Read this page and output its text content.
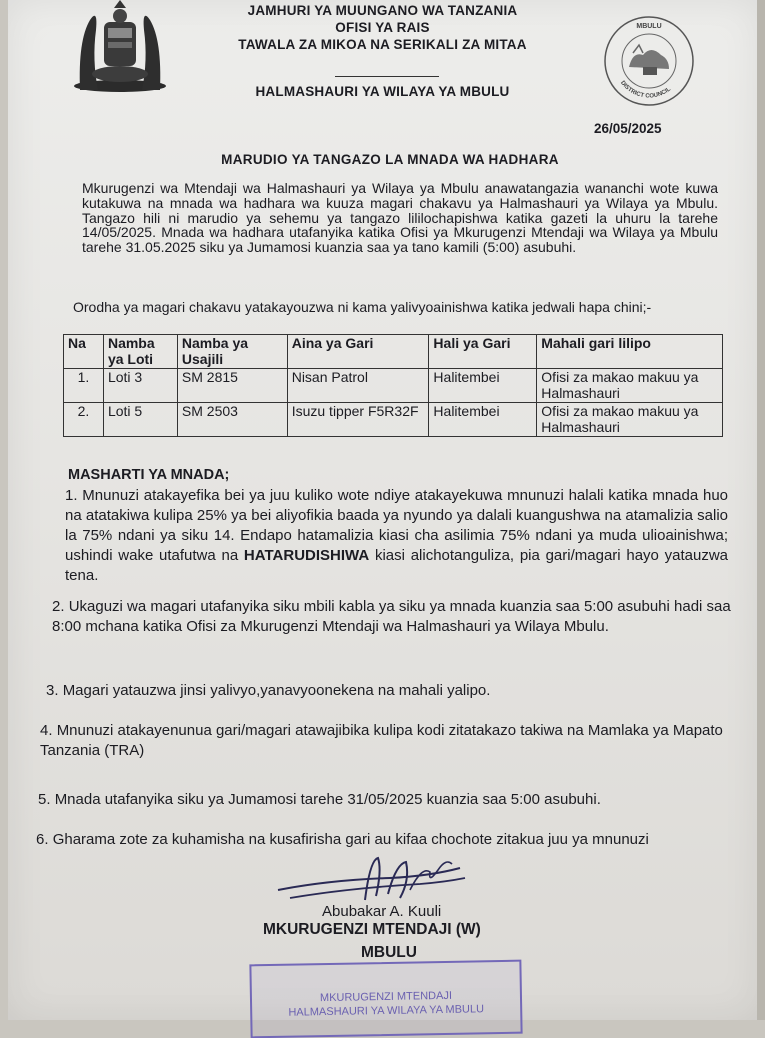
MBULU
DISTRICT COUNCIL
JAMHURI YA MUUNGANO WA TANZANIA
OFISI YA RAIS
TAWALA ZA MIKOA NA SERIKALI ZA MITAA
HALMASHAURI YA WILAYA YA MBULU
26/05/2025
MARUDIO YA TANGAZO LA MNADA WA HADHARA

Mkurugenzi wa Mtendaji wa Halmashauri ya Wilaya ya Mbulu anawatangazia wananchi wote kuwa kutakuwa na mnada wa hadhara wa kuuza magari chakavu ya Halmashauri ya Wilaya ya Mbulu. Tangazo hili ni marudio ya sehemu ya tangazo lililochapishwa katika gazeti la uhuru la tarehe 14/05/2025. Mnada wa hadhara utafanyika katika Ofisi ya Mkurugenzi Mtendaji wa Wilaya ya Mbulu tarehe 31.05.2025 siku ya Jumamosi kuanzia saa ya tano kamili (5:00) asubuhi.

Orodha ya magari chakavu yatakayouzwa ni kama yalivyoainishwa katika jedwali hapa chini;-
Na	Namba ya Loti	Namba ya Usajili	Aina ya Gari	Hali ya Gari	Mahali gari lilipo
1.	Loti 3	SM 2815	Nisan Patrol	Halitembei	Ofisi za makao makuu ya Halmashauri
2.	Loti 5	SM 2503	Isuzu tipper F5R32F	Halitembei	Ofisi za makao makuu ya Halmashauri
MASHARTI YA MNADA;
1. Mnunuzi atakayefika bei ya juu kuliko wote ndiye atakayekuwa mnunuzi halali katika mnada huo na atatakiwa kulipa 25% ya bei aliyofikia baada ya nyundo ya dalali kuangushwa na atamalizia salio la 75% ndani ya siku 14. Endapo hatamalizia kiasi cha asilimia 75% ndani ya muda ulioainishwa; ushindi wake utafutwa na HATARUDISHIWA kiasi alichotanguliza, pia gari/magari hayo yatauzwa tena.
2. Ukaguzi wa magari utafanyika siku mbili kabla ya siku ya mnada kuanzia saa 5:00 asubuhi hadi saa 8:00 mchana katika Ofisi za Mkurugenzi Mtendaji wa Halmashauri ya Wilaya Mbulu.
3. Magari yatauzwa jinsi yalivyo,yanavyoonekena na mahali yalipo.
4. Mnunuzi atakayenunua gari/magari atawajibika kulipa kodi zitatakazo takiwa na Mamlaka ya Mapato Tanzania (TRA)
5. Mnada utafanyika siku ya Jumamosi tarehe 31/05/2025 kuanzia saa 5:00 asubuhi.
6. Gharama zote za kuhamisha na kusafirisha gari au kifaa chochote zitakua juu ya mnunuzi
Abubakar A. Kuuli
MKURUGENZI MTENDAJI (W)
MBULU
MKURUGENZI MTENDAJI
HALMASHAURI YA WILAYA YA MBULU
